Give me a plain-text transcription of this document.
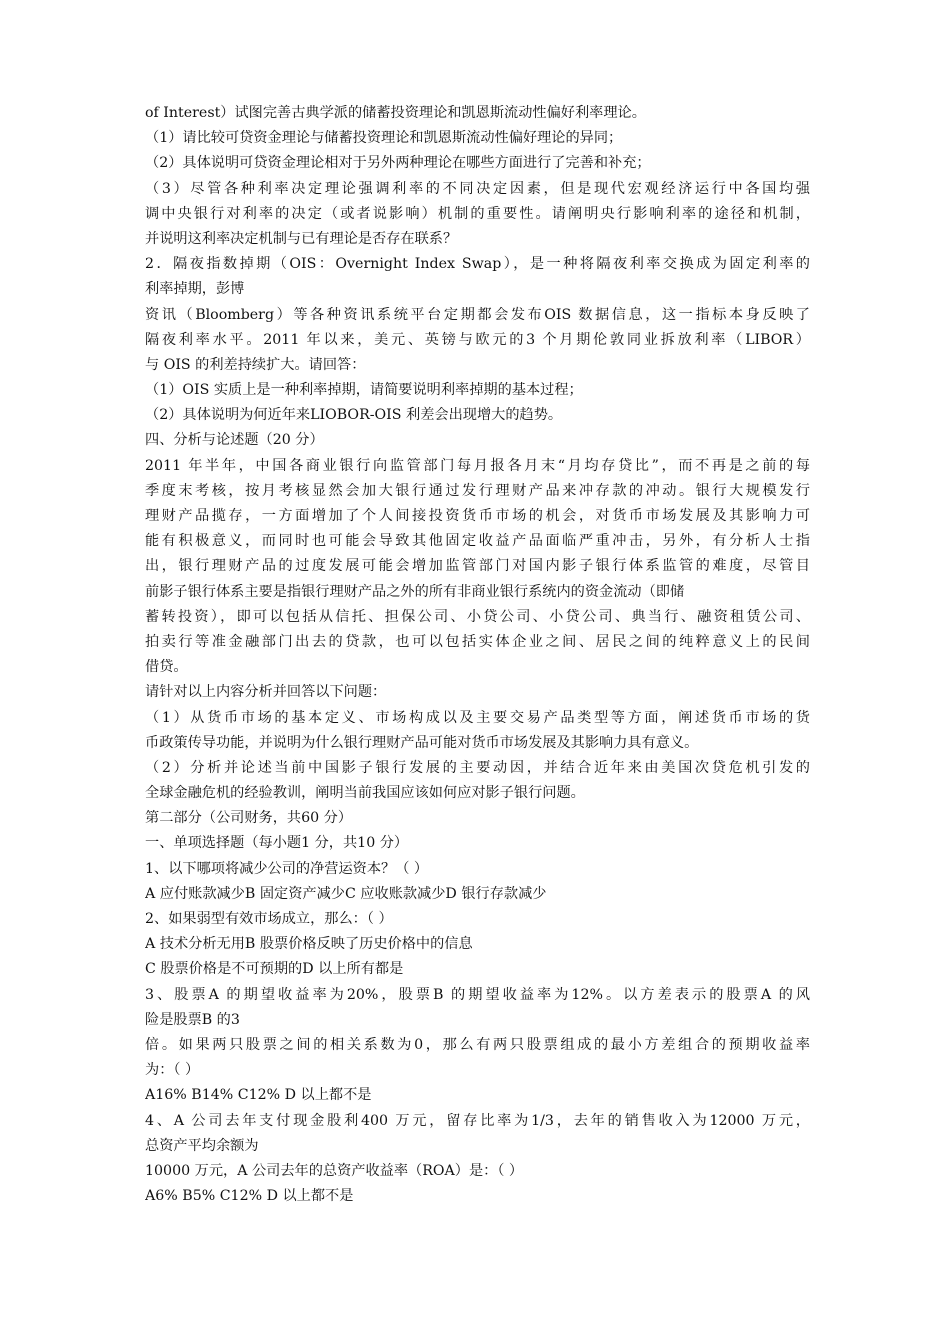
of Interest）试图完善古典学派的储蓄投资理论和凯恩斯流动性偏好利率理论。
（1）请比较可贷资金理论与储蓄投资理论和凯恩斯流动性偏好理论的异同；
（2）具体说明可贷资金理论相对于另外两种理论在哪些方面进行了完善和补充；
（3）尽管各种利率决定理论强调利率的不同决定因素，但是现代宏观经济运行中各国均强
调中央银行对利率的决定（或者说影响）机制的重要性。请阐明央行影响利率的途径和机制，
并说明这利率决定机制与已有理论是否存在联系？
2．隔夜指数掉期（OIS：Overnight Index Swap），是一种将隔夜利率交换成为固定利率的
利率掉期，彭博
资讯（Bloomberg）等各种资讯系统平台定期都会发布OIS 数据信息，这一指标本身反映了
隔夜利率水平。2011 年以来，美元、英镑与欧元的3 个月期伦敦同业拆放利率（LIBOR）
与 OIS 的利差持续扩大。请回答：
（1）OIS 实质上是一种利率掉期，请简要说明利率掉期的基本过程；
（2）具体说明为何近年来LIOBOR-OIS 利差会出现增大的趋势。
四、分析与论述题（20 分）
2011 年半年，中国各商业银行向监管部门每月报各月末“月均存贷比”，而不再是之前的每
季度末考核，按月考核显然会加大银行通过发行理财产品来冲存款的冲动。银行大规模发行
理财产品揽存，一方面增加了个人间接投资货币市场的机会，对货币市场发展及其影响力可
能有积极意义，而同时也可能会导致其他固定收益产品面临严重冲击，另外，有分析人士指
出，银行理财产品的过度发展可能会增加监管部门对国内影子银行体系监管的难度，尽管目
前影子银行体系主要是指银行理财产品之外的所有非商业银行系统内的资金流动（即储
蓄转投资），即可以包括从信托、担保公司、小贷公司、小贷公司、典当行、融资租赁公司、
拍卖行等准金融部门出去的贷款，也可以包括实体企业之间、居民之间的纯粹意义上的民间
借贷。
请针对以上内容分析并回答以下问题：
（1）从货币市场的基本定义、市场构成以及主要交易产品类型等方面，阐述货币市场的货
币政策传导功能，并说明为什么银行理财产品可能对货币市场发展及其影响力具有意义。
（2）分析并论述当前中国影子银行发展的主要动因，并结合近年来由美国次贷危机引发的
全球金融危机的经验教训，阐明当前我国应该如何应对影子银行问题。
第二部分（公司财务，共60 分）
一、单项选择题（每小题1 分，共10 分）
1、以下哪项将减少公司的净营运资本？（ ）
A 应付账款减少B 固定资产减少C 应收账款减少D 银行存款减少
2、如果弱型有效市场成立，那么：（ ）
A 技术分析无用B 股票价格反映了历史价格中的信息
C 股票价格是不可预期的D 以上所有都是
3、股票A 的期望收益率为20%，股票B 的期望收益率为12%。以方差表示的股票A 的风
险是股票B 的3
倍。如果两只股票之间的相关系数为0，那么有两只股票组成的最小方差组合的预期收益率
为：（ ）
A16% B14% C12% D 以上都不是
4、A 公司去年支付现金股利400 万元，留存比率为1/3，去年的销售收入为12000 万元，
总资产平均余额为
10000 万元，A 公司去年的总资产收益率（ROA）是：（ ）
A6% B5% C12% D 以上都不是
